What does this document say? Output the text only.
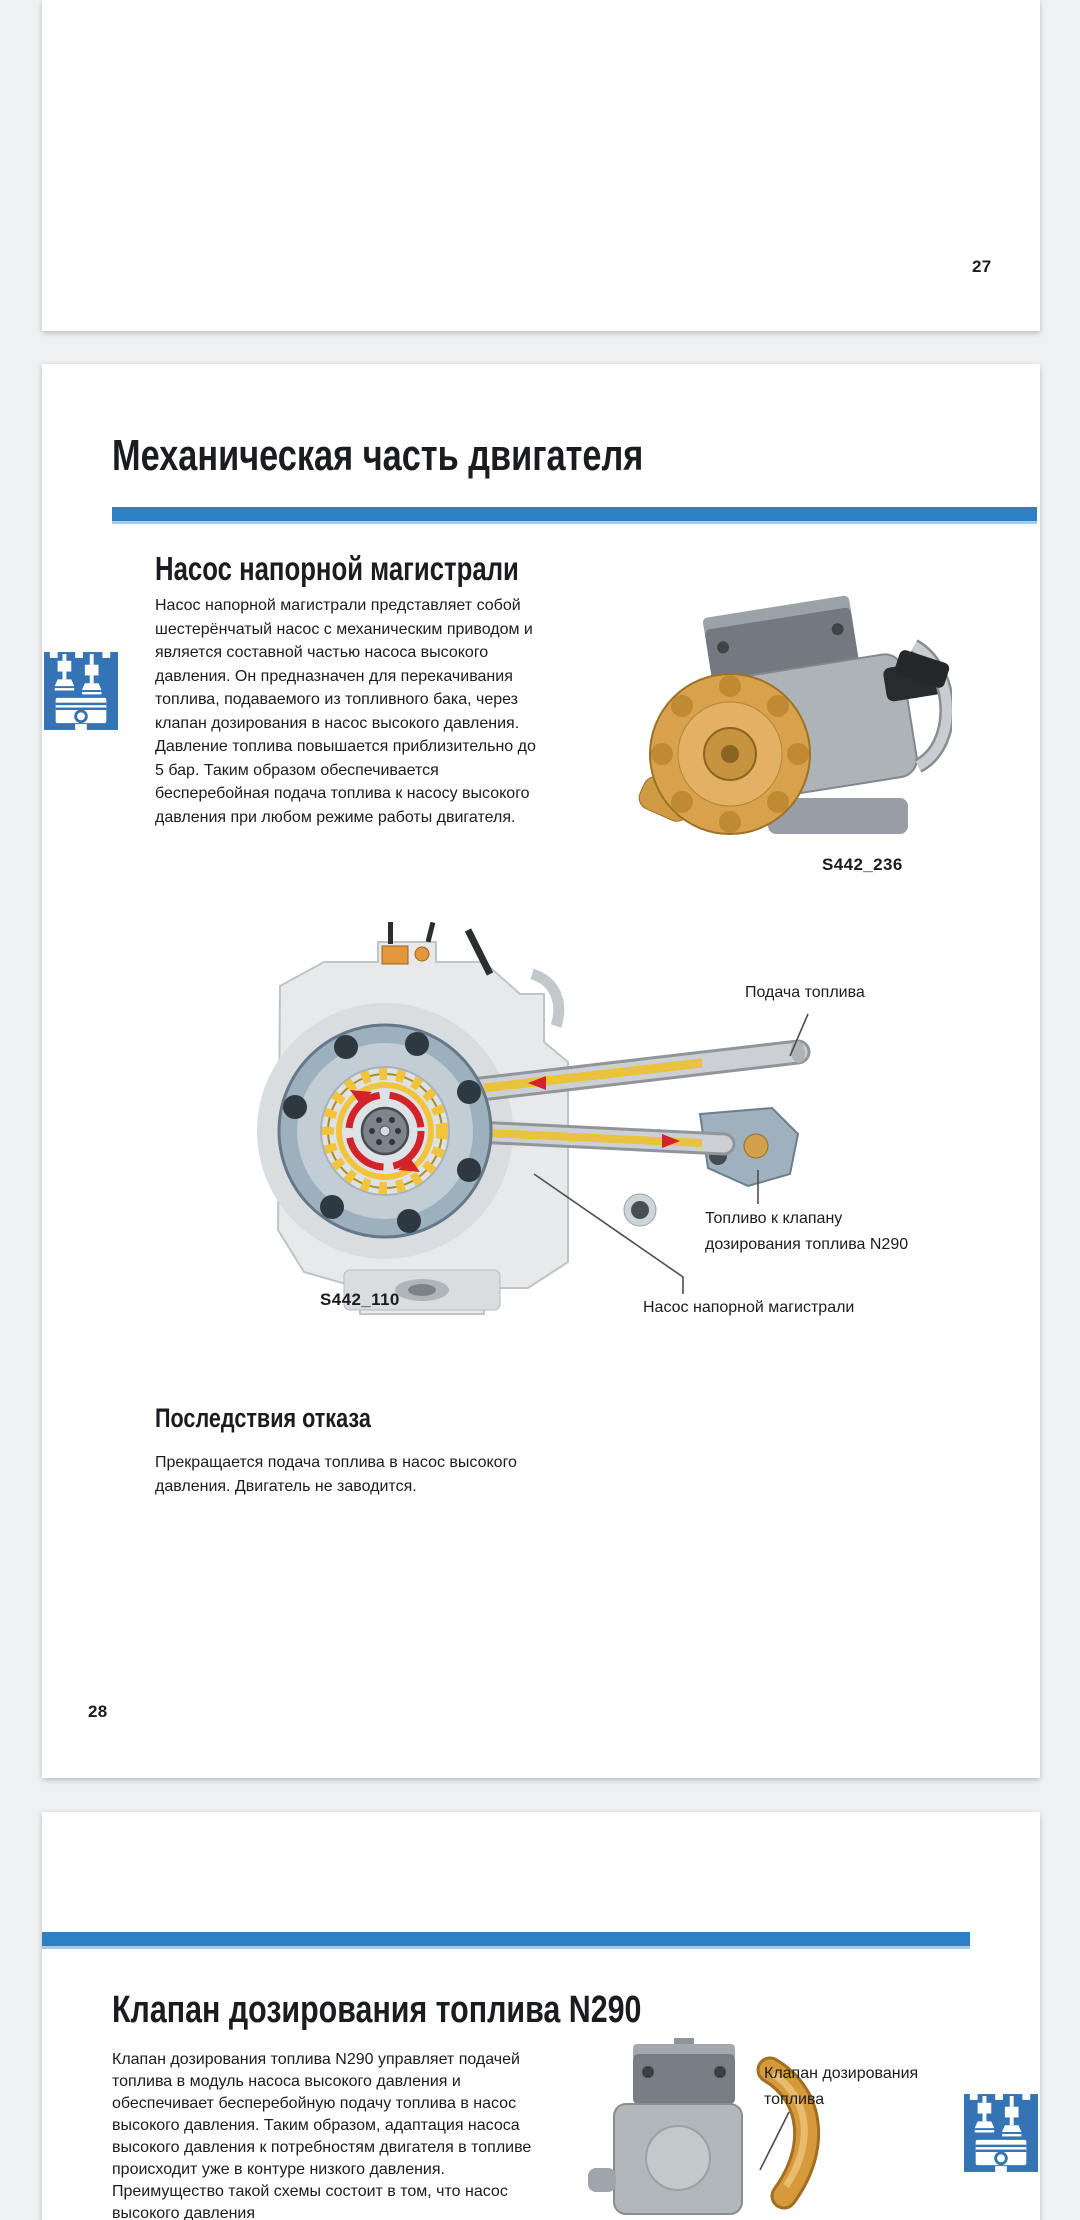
27
Механическая часть двигателя
Насос напорной магистрали
Насос напорной магистрали представляет собой шестерёнчатый насос с механическим приводом и является составной частью насоса высокого давления. Он предназначен для перекачивания топлива, подаваемого из топливного бака, через клапан дозирования в насос высокого давления. Давление топлива повышается приблизительно до 5 бар. Таким образом обеспечивается бесперебойная подача топлива к насосу высокого давления при любом режиме работы двигателя.
S442_236
Подача топлива
Топливо к клапану
дозирования топлива N290
Насос напорной магистрали
S442_110
Последствия отказа
Прекращается подача топлива в насос высокого давления. Двигатель не заводится.
28
Клапан дозирования топлива N290
Клапан дозирования топлива N290 управляет подачей топлива в модуль насоса высокого давления и обеспечивает бесперебойную подачу топлива в насос высокого давления. Таким образом, адаптация насоса высокого давления к потребностям двигателя в топливе происходит уже в контуре низкого давления. Преимущество такой схемы состоит в том, что насос высокого давления
Клапан дозирования
топлива
